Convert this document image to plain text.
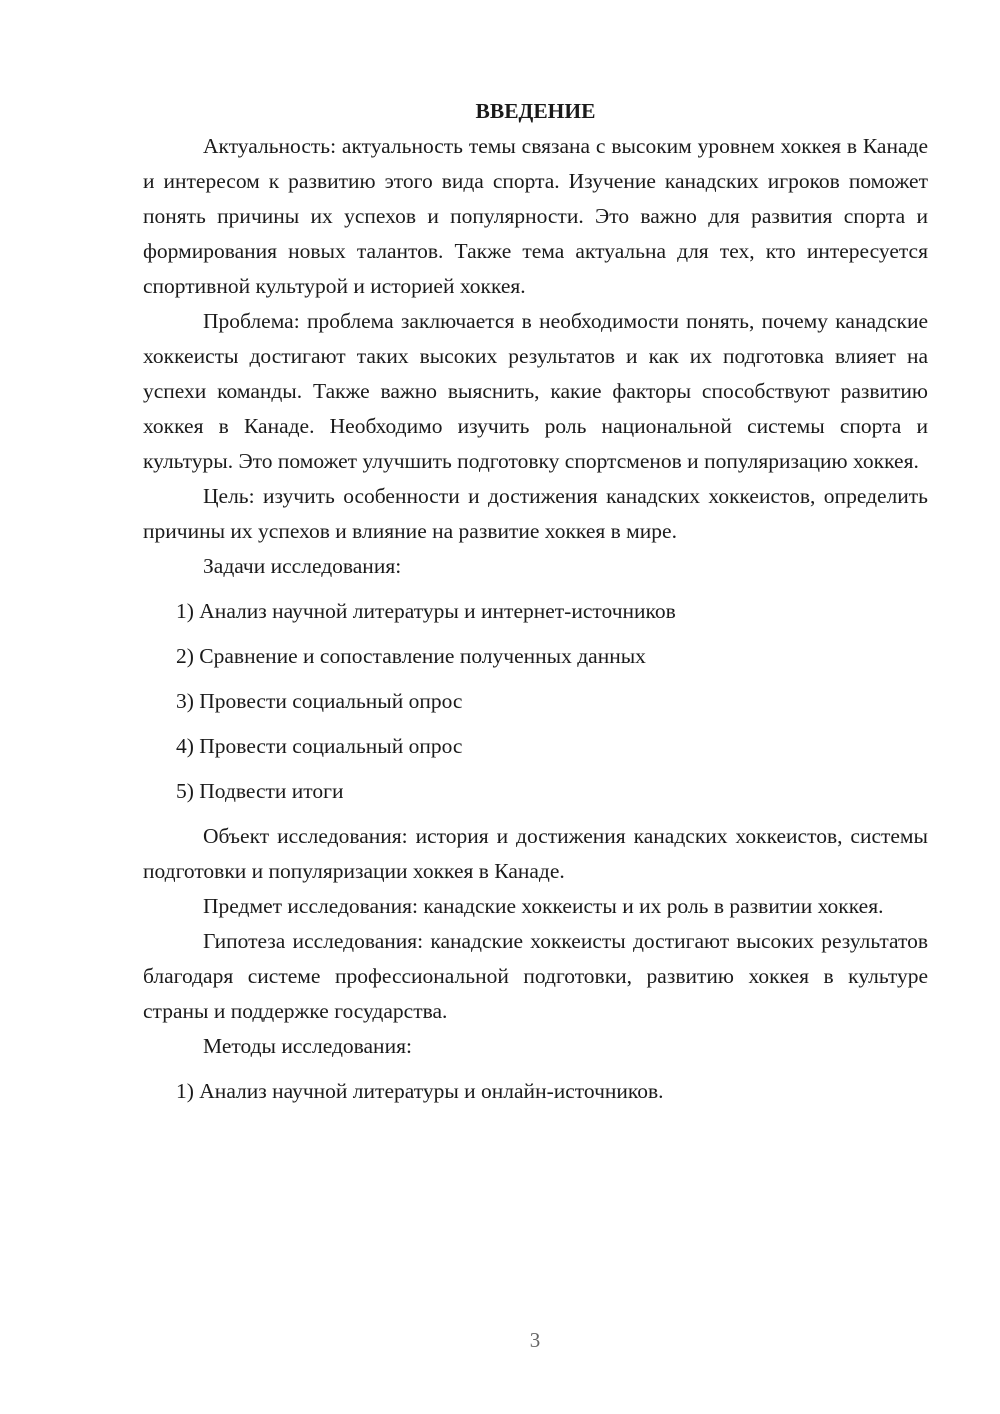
ВВЕДЕНИЕ

Актуальность: актуальность темы связана с высоким уровнем хоккея в Канаде и интересом к развитию этого вида спорта. Изучение канадских игроков поможет понять причины их успехов и популярности. Это важно для развития спорта и формирования новых талантов. Также тема актуальна для тех, кто интересуется спортивной культурой и историей хоккея.

Проблема: проблема заключается в необходимости понять, почему канадские хоккеисты достигают таких высоких результатов и как их подготовка влияет на успехи команды. Также важно выяснить, какие факторы способствуют развитию хоккея в Канаде. Необходимо изучить роль национальной системы спорта и культуры. Это поможет улучшить подготовку спортсменов и популяризацию хоккея.

Цель: изучить особенности и достижения канадских хоккеистов, определить причины их успехов и влияние на развитие хоккея в мире.

Задачи исследования:

1) Анализ научной литературы и интернет-источников
2) Сравнение и сопоставление полученных данных
3) Провести социальный опрос
4) Провести социальный опрос
5) Подвести итоги

Объект исследования: история и достижения канадских хоккеистов, системы подготовки и популяризации хоккея в Канаде.

Предмет исследования: канадские хоккеисты и их роль в развитии хоккея.

Гипотеза исследования: канадские хоккеисты достигают высоких результатов благодаря системе профессиональной подготовки, развитию хоккея в культуре страны и поддержке государства.

Методы исследования:

1) Анализ научной литературы и онлайн-источников.
3
